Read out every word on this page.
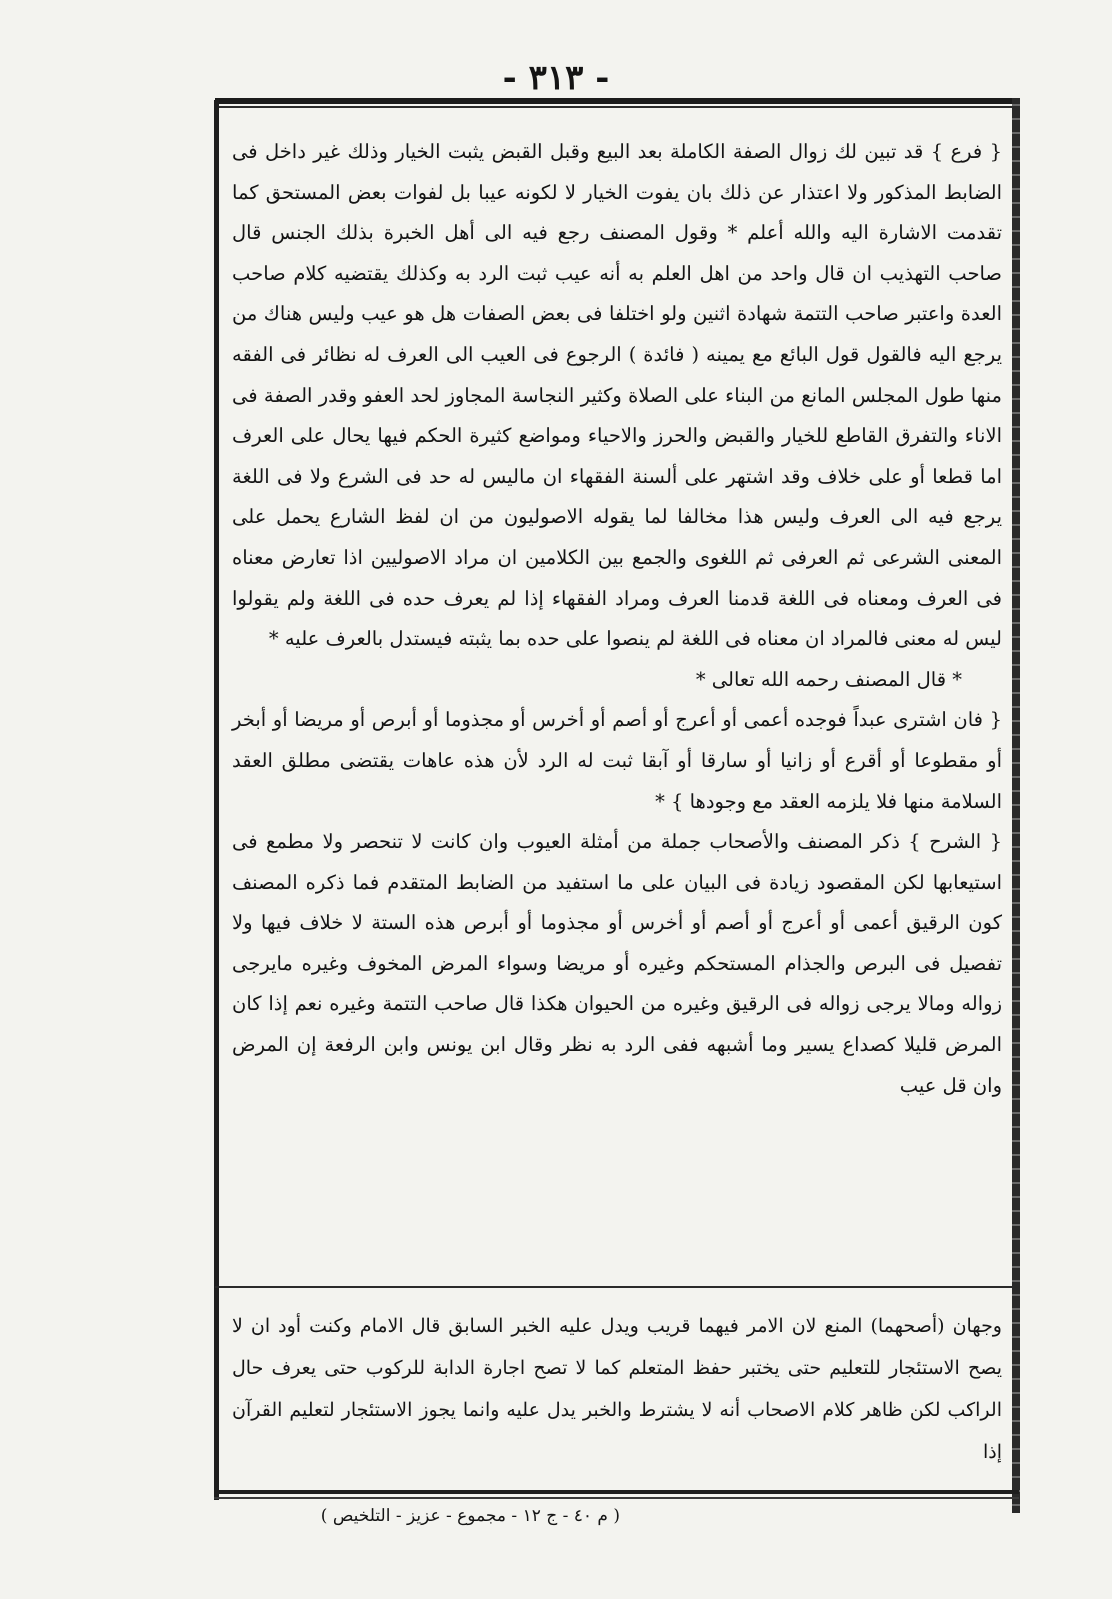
- ٣١٣ -

{ فرع } قد تبين لك زوال الصفة الكاملة بعد البيع وقبل القبض يثبت الخيار وذلك غير داخل فى الضابط المذكور ولا اعتذار عن ذلك بان يفوت الخيار لا لكونه عيبا بل لفوات بعض المستحق كما تقدمت الاشارة اليه والله أعلم * وقول المصنف رجع فيه الى أهل الخبرة بذلك الجنس قال صاحب التهذيب ان قال واحد من اهل العلم به أنه عيب ثبت الرد به وكذلك يقتضيه كلام صاحب العدة واعتبر صاحب التتمة شهادة اثنين ولو اختلفا فى بعض الصفات هل هو عيب وليس هناك من يرجع اليه فالقول قول البائع مع يمينه ( فائدة ) الرجوع فى العيب الى العرف له نظائر فى الفقه منها طول المجلس المانع من البناء على الصلاة وكثير النجاسة المجاوز لحد العفو وقدر الصفة فى الاناء والتفرق القاطع للخيار والقبض والحرز والاحياء ومواضع كثيرة الحكم فيها يحال على العرف اما قطعا أو على خلاف وقد اشتهر على ألسنة الفقهاء ان ماليس له حد فى الشرع ولا فى اللغة يرجع فيه الى العرف وليس هذا مخالفا لما يقوله الاصوليون من ان لفظ الشارع يحمل على المعنى الشرعى ثم العرفى ثم اللغوى والجمع بين الكلامين ان مراد الاصوليين اذا تعارض معناه فى العرف ومعناه فى اللغة قدمنا العرف ومراد الفقهاء إذا لم يعرف حده فى اللغة ولم يقولوا ليس له معنى فالمراد ان معناه فى اللغة لم ينصوا على حده بما يثبته فيستدل بالعرف عليه *

* قال المصنف رحمه الله تعالى *

{ فان اشترى عبداً فوجده أعمى أو أعرج أو أصم أو أخرس أو مجذوما أو أبرص أو مريضا أو أبخر أو مقطوعا أو أقرع أو زانيا أو سارقا أو آبقا ثبت له الرد لأن هذه عاهات يقتضى مطلق العقد السلامة منها فلا يلزمه العقد مع وجودها } *

{ الشرح } ذكر المصنف والأصحاب جملة من أمثلة العيوب وان كانت لا تنحصر ولا مطمع فى استيعابها لكن المقصود زيادة فى البيان على ما استفيد من الضابط المتقدم فما ذكره المصنف كون الرقيق أعمى أو أعرج أو أصم أو أخرس أو مجذوما أو أبرص هذه الستة لا خلاف فيها ولا تفصيل فى البرص والجذام المستحكم وغيره أو مريضا وسواء المرض المخوف وغيره مايرجى زواله ومالا يرجى زواله فى الرقيق وغيره من الحيوان هكذا قال صاحب التتمة وغيره نعم إذا كان المرض قليلا كصداع يسير وما أشبهه ففى الرد به نظر وقال ابن يونس وابن الرفعة إن المرض وان قل عيب

وجهان (أصحهما) المنع لان الامر فيهما قريب ويدل عليه الخبر السابق قال الامام وكنت أود ان لا يصح الاستئجار للتعليم حتى يختبر حفظ المتعلم كما لا تصح اجارة الدابة للركوب حتى يعرف حال الراكب لكن ظاهر كلام الاصحاب أنه لا يشترط والخبر يدل عليه وانما يجوز الاستئجار لتعليم القرآن إذا

( م ٤٠ - ج ١٢ - مجموع - عزيز - التلخيص )
